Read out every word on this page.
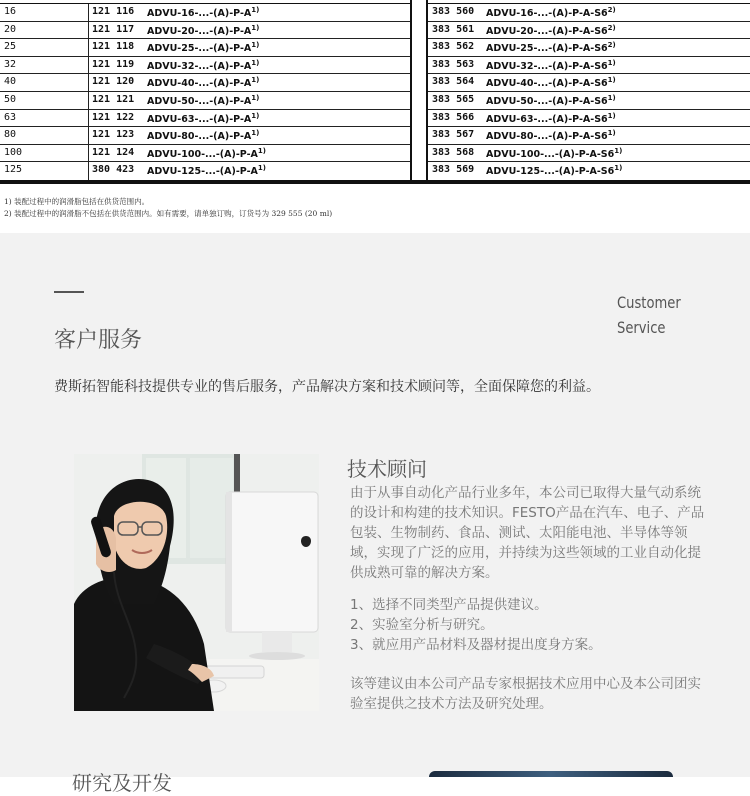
16	121 116 ADVU-$16-...-(A)-P-A^{1)}$
20	121 117 ADVU-$20-...-(A)-P-A^{1)}$
25	121 118 ADVU-$25-...-(A)-P-A^{1)}$
32	121 119 ADVU-$32-...-(A)-P-A^{1)}$
40	121 120 ADVU-$40-...-(A)-P-A^{1)}$
50	121 121 ADVU-$50-...-(A)-P-A^{1)}$
63	121 122 ADVU-$63-...-(A)-P-A^{1)}$
80	121 123 ADVU-$80-...-(A)-P-A^{1)}$
100	121 124 ADVU-$100-...-(A)-P-A^{1)}$
125	380 423 ADVU-$125-...-(A)-P-A^{1)}$
383 560 ADVU-16-...-(A)-P-A-S6$^{2)}$
383 561 ADVU-20-...-(A)-P-A-S6$^{2)}$
383 562 ADVU-25-...-(A)-P-A-S6$^{2)}$
383 563 ADVU-32-...-(A)-P-A-S6$^{1)}$
383 564 ADVU-40-...-(A)-P-A-S6$^{1)}$
383 565 ADVU-50-...-(A)-P-A-S6$^{1)}$
383 566 ADVU-63-...-(A)-P-A-S6$^{1)}$
383 567 ADVU-80-...-(A)-P-A-S6$^{1)}$
383 568 ADVU-100-...-(A)-P-A-S6$^{1)}$
383 569 ADVU-125-...-(A)-P-A-S6$^{1)}$
1) 装配过程中的润滑脂包括在供货范围内。
2) 装配过程中的润滑脂不包括在供货范围内。如有需要，请单独订购，订货号为 329 555 (20 ml)
客户服务
Customer
Service
费斯拓智能科技提供专业的售后服务，产品解决方案和技术顾问等，全面保障您的利益。
技术顾问
由于从事自动化产品行业多年，本公司已取得大量气动系统的设计和构建的技术知识。FESTO产品在汽车、电子、产品包装、生物制药、食品、测试、太阳能电池、半导体等领域，实现了广泛的应用，并持续为这些领域的工业自动化提供成熟可靠的解决方案。
1、选择不同类型产品提供建议。
2、实验室分析与研究。
3、就应用产品材料及器材提出度身方案。
该等建议由本公司产品专家根据技术应用中心及本公司团实验室提供之技术方法及研究处理。
研究及开发
